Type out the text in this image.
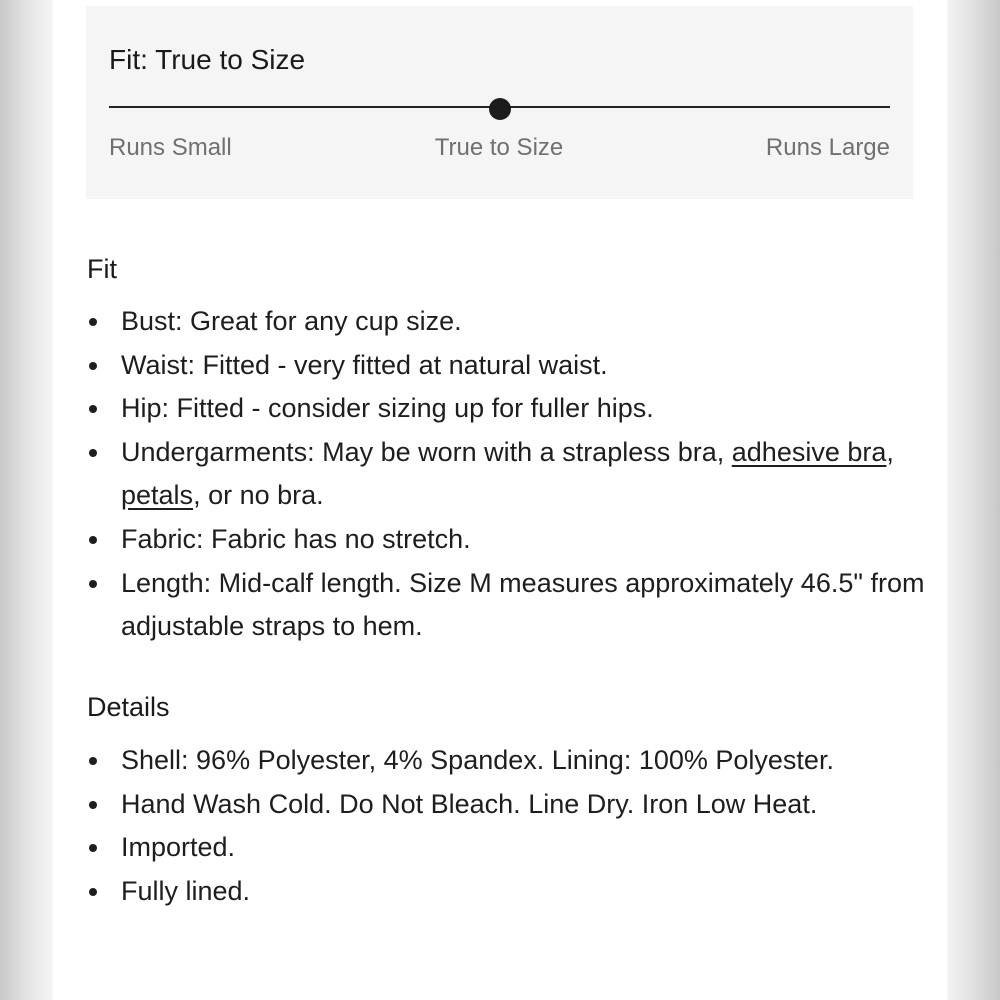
Fit: True to Size
Runs Small	True to Size	Runs Large
Fit
Bust: Great for any cup size.
Waist: Fitted - very fitted at natural waist.
Hip: Fitted - consider sizing up for fuller hips.
Undergarments: May be worn with a strapless bra, adhesive bra, petals, or no bra.
Fabric: Fabric has no stretch.
Length: Mid-calf length. Size M measures approximately 46.5" from adjustable straps to hem.
Details
Shell: 96% Polyester, 4% Spandex. Lining: 100% Polyester.
Hand Wash Cold. Do Not Bleach. Line Dry. Iron Low Heat.
Imported.
Fully lined.
